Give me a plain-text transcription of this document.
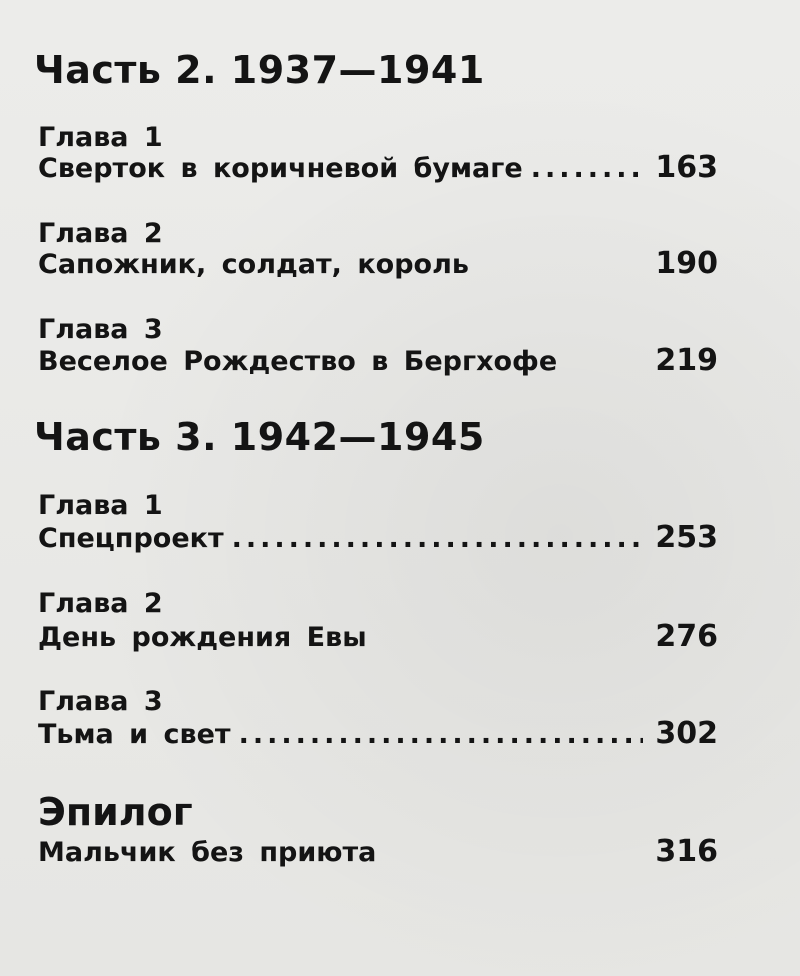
Часть 2. 1937—1941
Глава 1
Сверток в коричневой бумаге .....	163
Глава 2
Сапожник, солдат, король	190
Глава 3
Веселое Рождество в Бергхофе	219
Часть 3. 1942—1945
Глава 1
Спецпроект .....	253
Глава 2
День рождения Евы	276
Глава 3
Тьма и свет .....	302
Эпилог
Мальчик без приюта	316
